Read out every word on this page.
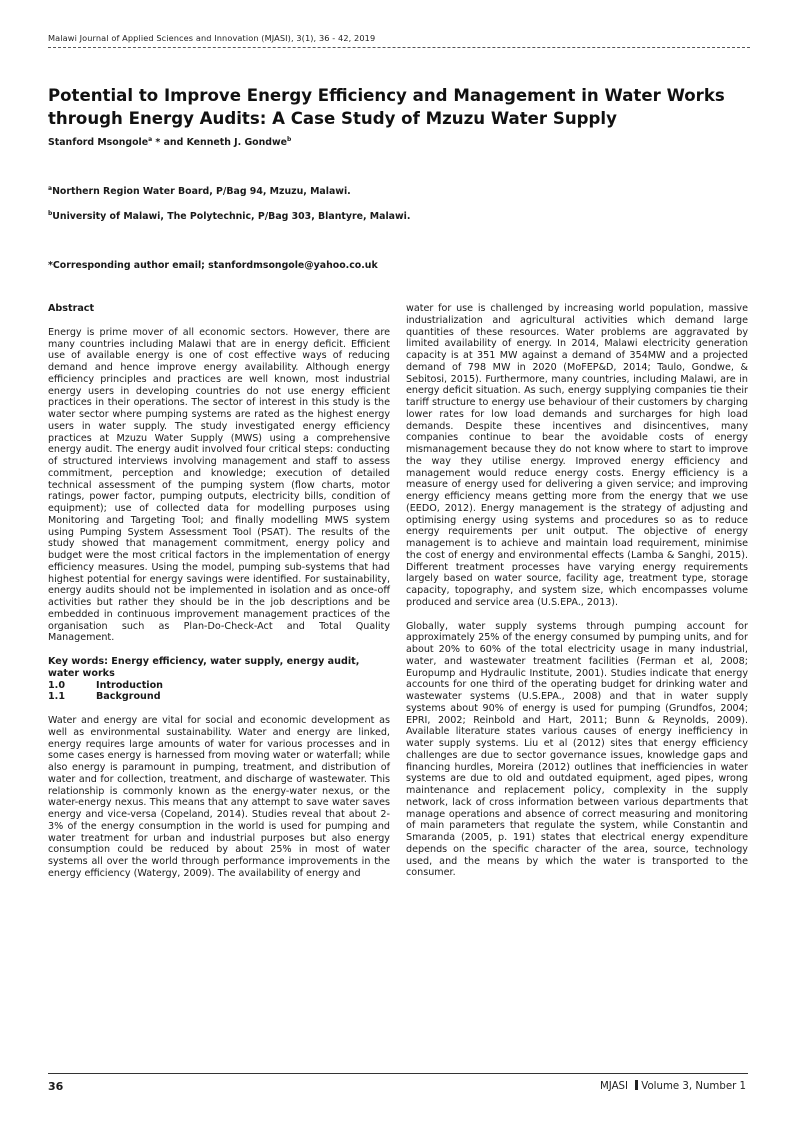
Malawi Journal of Applied Sciences and Innovation (MJASI), 3(1), 36 - 42, 2019
Potential to Improve Energy Efficiency and Management in Water Works through Energy Audits: A Case Study of Mzuzu Water Supply
Stanford Msongole$^a$ * and Kenneth J. Gondwe$^b$
$^a$Northern Region Water Board, P/Bag 94, Mzuzu, Malawi.
$^b$University of Malawi, The Polytechnic, P/Bag 303, Blantyre, Malawi.
*Corresponding author email; stanfordmsongole@yahoo.co.uk

Abstract

Energy is prime mover of all economic sectors. However, there are many countries including Malawi that are in energy deficit. Efficient use of available energy is one of cost effective ways of reducing demand and hence improve energy availability. Although energy efficiency principles and practices are well known, most industrial energy users in developing countries do not use energy efficient practices in their operations. The sector of interest in this study is the water sector where pumping systems are rated as the highest energy users in water supply. The study investigated energy efficiency practices at Mzuzu Water Supply (MWS) using a comprehensive energy audit. The energy audit involved four critical steps: conducting of structured interviews involving management and staff to assess commitment, perception and knowledge; execution of detailed technical assessment of the pumping system (flow charts, motor ratings, power factor, pumping outputs, electricity bills, condition of equipment); use of collected data for modelling purposes using Monitoring and Targeting Tool; and finally modelling MWS system using Pumping System Assessment Tool (PSAT). The results of the study showed that management commitment, energy policy and budget were the most critical factors in the implementation of energy efficiency measures. Using the model, pumping sub-systems that had highest potential for energy savings were identified. For sustainability, energy audits should not be implemented in isolation and as once-off activities but rather they should be in the job descriptions and be embedded in continuous improvement management practices of the organisation such as Plan-Do-Check-Act and Total Quality Management.

Key words: Energy efficiency, water supply, energy audit, water works

1.0	Introduction
1.1	Background

Water and energy are vital for social and economic development as well as environmental sustainability. Water and energy are linked, energy requires large amounts of water for various processes and in some cases energy is harnessed from moving water or waterfall; while also energy is paramount in pumping, treatment, and distribution of water and for collection, treatment, and discharge of wastewater. This relationship is commonly known as the energy-water nexus, or the water-energy nexus. This means that any attempt to save water saves energy and vice-versa (Copeland, 2014). Studies reveal that about 2-3% of the energy consumption in the world is used for pumping and water treatment for urban and industrial purposes but also energy consumption could be reduced by about 25% in most of water systems all over the world through performance improvements in the energy efficiency (Watergy, 2009). The availability of energy and

water for use is challenged by increasing world population, massive industrialization and agricultural activities which demand large quantities of these resources. Water problems are aggravated by limited availability of energy. In 2014, Malawi electricity generation capacity is at 351 MW against a demand of 354MW and a projected demand of 798 MW in 2020 (MoFEP&D, 2014; Taulo, Gondwe, & Sebitosi, 2015). Furthermore, many countries, including Malawi, are in energy deficit situation. As such, energy supplying companies tie their tariff structure to energy use behaviour of their customers by charging lower rates for low load demands and surcharges for high load demands. Despite these incentives and disincentives, many companies continue to bear the avoidable costs of energy mismanagement because they do not know where to start to improve the way they utilise energy. Improved energy efficiency and management would reduce energy costs. Energy efficiency is a measure of energy used for delivering a given service; and improving energy efficiency means getting more from the energy that we use (EEDO, 2012). Energy management is the strategy of adjusting and optimising energy using systems and procedures so as to reduce energy requirements per unit output. The objective of energy management is to achieve and maintain load requirement, minimise the cost of energy and environmental effects (Lamba & Sanghi, 2015). Different treatment processes have varying energy requirements largely based on water source, facility age, treatment type, storage capacity, topography, and system size, which encompasses volume produced and service area (U.S.EPA., 2013).

Globally, water supply systems through pumping account for approximately 25% of the energy consumed by pumping units, and for about 20% to 60% of the total electricity usage in many industrial, water, and wastewater treatment facilities (Ferman et al, 2008; Europump and Hydraulic Institute, 2001). Studies indicate that energy accounts for one third of the operating budget for drinking water and wastewater systems (U.S.EPA., 2008) and that in water supply systems about 90% of energy is used for pumping (Grundfos, 2004; EPRI, 2002; Reinbold and Hart, 2011; Bunn & Reynolds, 2009). Available literature states various causes of energy inefficiency in water supply systems. Liu et al (2012) sites that energy efficiency challenges are due to sector governance issues, knowledge gaps and financing hurdles, Moreira (2012) outlines that inefficiencies in water systems are due to old and outdated equipment, aged pipes, wrong maintenance and replacement policy, complexity in the supply network, lack of cross information between various departments that manage operations and absence of correct measuring and monitoring of main parameters that regulate the system, while Constantin and Smaranda (2005, p. 191) states that electrical energy expenditure depends on the specific character of the area, source, technology used, and the means by which the water is transported to the consumer.

36	MJASI Volume 3, Number 1
